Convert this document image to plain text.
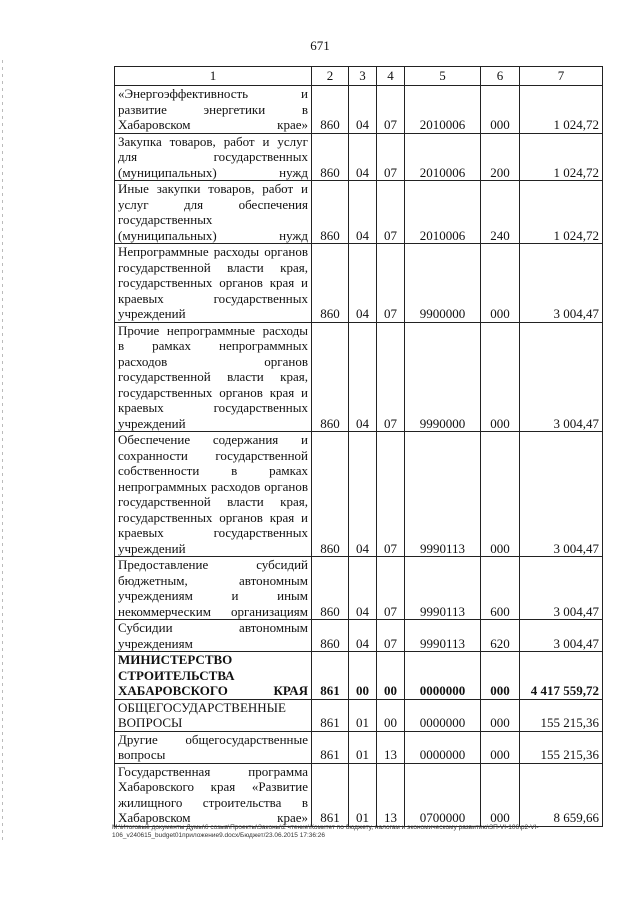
671
1	2	3	4	5	6	7
«Энергоэффективность и развитие энергетики в Хабаровском крае»	860	04	07	2010006	000	1 024,72
Закупка товаров, работ и услуг для государственных (муниципальных) нужд	860	04	07	2010006	200	1 024,72
Иные закупки товаров, работ и услуг для обеспечения государственных (муниципальных) нужд	860	04	07	2010006	240	1 024,72
Непрограммные расходы органов государственной власти края, государственных органов края и краевых государственных учреждений	860	04	07	9900000	000	3 004,47
Прочие непрограммные расходы в рамках непрограммных расходов органов государственной власти края, государственных органов края и краевых государственных учреждений	860	04	07	9990000	000	3 004,47
Обеспечение содержания и сохранности государственной собственности в рамках непрограммных расходов органов государственной власти края, государственных органов края и краевых государственных учреждений	860	04	07	9990113	000	3 004,47
Предоставление субсидий бюджетным, автономным учреждениям и иным некоммерческим организациям	860	04	07	9990113	600	3 004,47
Субсидии автономным учреждениям	860	04	07	9990113	620	3 004,47
МИНИСТЕРСТВО СТРОИТЕЛЬСТВА ХАБАРОВСКОГО КРАЯ	861	00	00	0000000	000	4 417 559,72
ОБЩЕГОСУДАРСТВЕННЫЕ ВОПРОСЫ	861	01	00	0000000	000	155 215,36
Другие общегосударственные вопросы	861	01	13	0000000	000	155 215,36
Государственная программа Хабаровского края «Развитие жилищного строительства в Хабаровском крае»	861	01	13	0700000	000	8 659,66
M:\Итоговые документы Думы\6 созыв\Проекты\Законы\2 чтение\Комитет по бюджету, налогам и экономическому развитию\ЗП-VI-106\р2-VI-106_v240615_budget01приложение9.docx/Бюджет/23.06.2015 17:36:26
